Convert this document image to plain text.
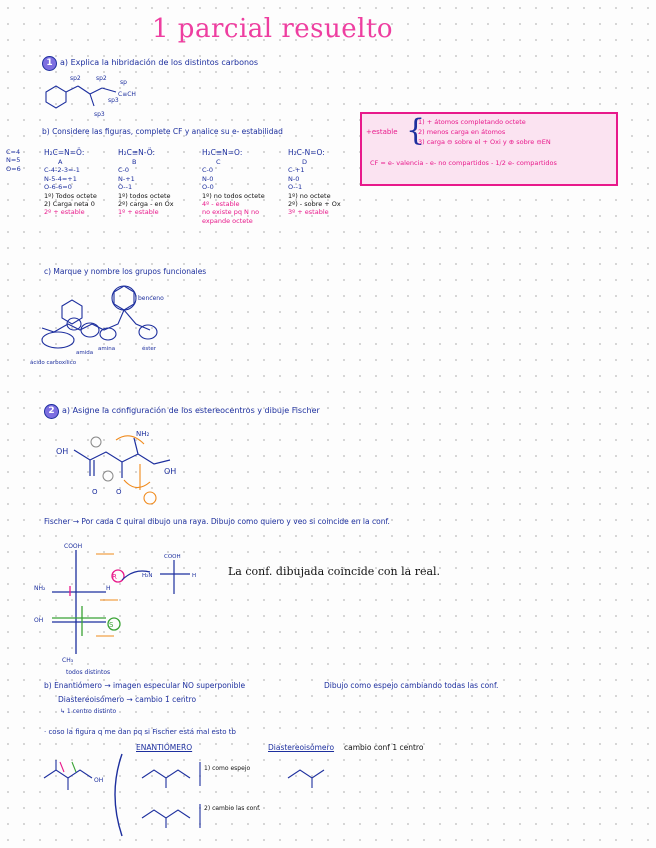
1 parcial resuelto
1 a) Explica la hibridación de los distintos carbonos
sp3
sp2
sp
C≡CH
sp3
sp2
b) Considere las figuras, complete CF y analice su e- estabilidad
C=4
N=5
O=6
H₂C=N=Ö:
A
C-4-2-3=-1
N-5-4=+1
O-6-6=0
1º) Todos octete
2) Carga neta 0
2º + estable
H₂C≡N-Ö:
B
C-0
N-+1
O--1
1º) todos octete
2º) carga - en Ox
1º + estable
H₂C≡N=O:
C
C-0
N-0
O-0
1º) no todos octete
4º - estable
no existe pq N no expande octete
H₂C-N=O:
D
C-+1
N-0
O--1
1º) no octete
2º) - sobre + Ox
3º + estable
+estable {
1) + átomos completando octete
2) menos carga en átomos
3) carga ⊖ sobre el + Oxi y ⊕ sobre ⊖EN
CF = e- valencia - e- no compartidos - 1/2 e- compartidos
c) Marque y nombre los grupos funcionales
benceno
amina
amida
ácido carboxílico
éster
2 a) Asigne la configuración de los estereocentros y dibuje Fischer
OH
OH
NH₂
O	O
Fischer → Por cada C quiral dibujo una raya. Dibujo como quiero y veo si coincide en la conf.
R
S
COOH
NH₂
OH
H
COOH
H₂N	H
CH₃
La conf. dibujada coincide con la real.
todos distintos
b) Enantiómero → imagen especular NO superponible	Dibujo como espejo cambiando todas las conf.
Diastereoisómero → cambio 1 centro
↳ 1 centro distinto
· coso la figura q me dan pq si Fischer está mal esto tb
ENANTIÓMERO	Diastereoisómero cambio conf 1 centro
OH
1) como espejo
2) cambio las conf.
